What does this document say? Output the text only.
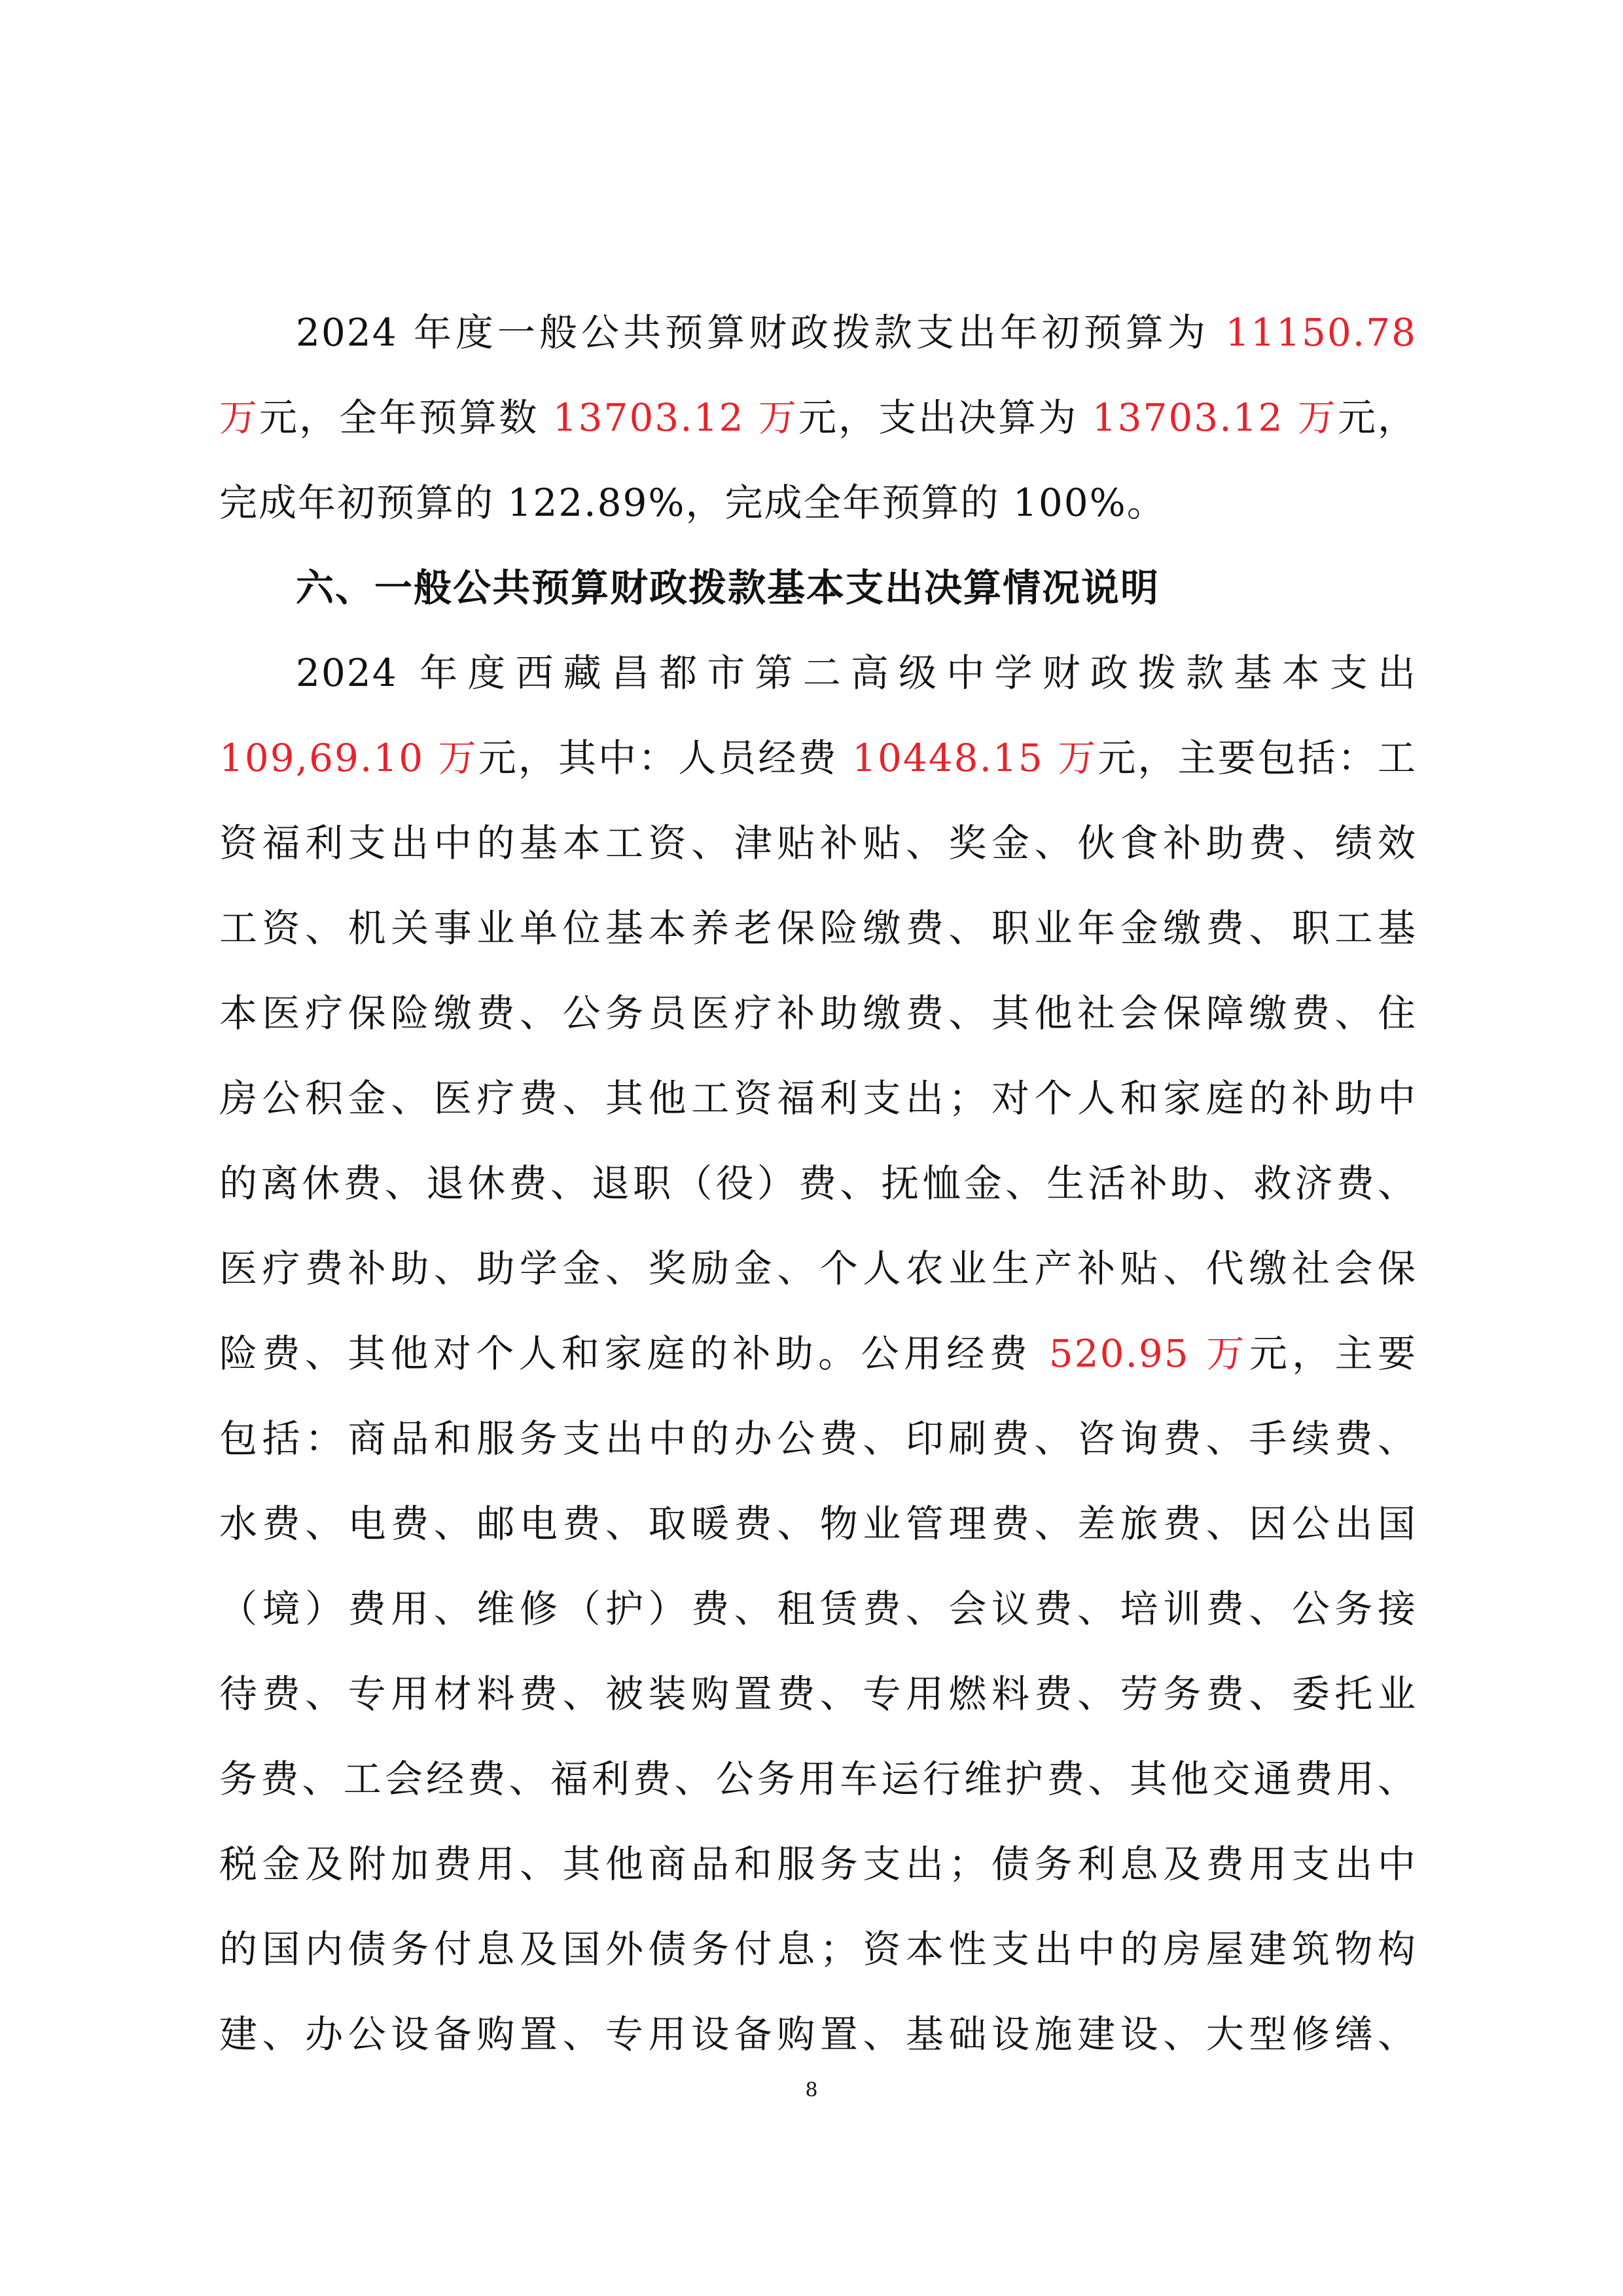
2024 年度一般公共预算财政拨款支出年初预算为 11150.78
万元，全年预算数 13703.12 万元，支出决算为 13703.12 万元，
完成年初预算的 122.89%，完成全年预算的 100%。
六、一般公共预算财政拨款基本支出决算情况说明
2024 年度西藏昌都市第二高级中学财政拨款基本支出
109,69.10 万元，其中：人员经费 10448.15 万元，主要包括：工
资福利支出中的基本工资、津贴补贴、奖金、伙食补助费、绩效
工资、机关事业单位基本养老保险缴费、职业年金缴费、职工基
本医疗保险缴费、公务员医疗补助缴费、其他社会保障缴费、住
房公积金、医疗费、其他工资福利支出；对个人和家庭的补助中
的离休费、退休费、退职（役）费、抚恤金、生活补助、救济费、
医疗费补助、助学金、奖励金、个人农业生产补贴、代缴社会保
险费、其他对个人和家庭的补助。公用经费 520.95 万元，主要
包括：商品和服务支出中的办公费、印刷费、咨询费、手续费、
水费、电费、邮电费、取暖费、物业管理费、差旅费、因公出国
（境）费用、维修（护）费、租赁费、会议费、培训费、公务接
待费、专用材料费、被装购置费、专用燃料费、劳务费、委托业
务费、工会经费、福利费、公务用车运行维护费、其他交通费用、
税金及附加费用、其他商品和服务支出；债务利息及费用支出中
的国内债务付息及国外债务付息；资本性支出中的房屋建筑物构
建、办公设备购置、专用设备购置、基础设施建设、大型修缮、
8
